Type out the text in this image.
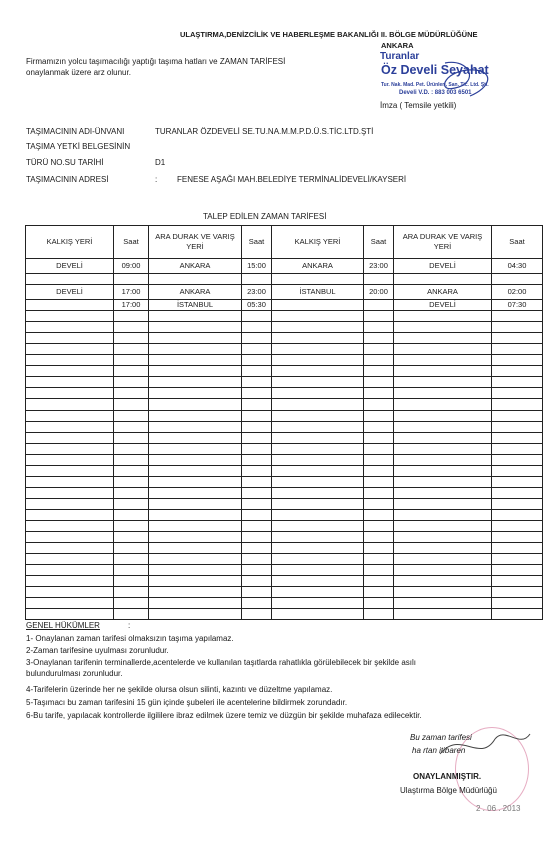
ULAŞTIRMA,DENİZCİLİK VE HABERLEŞME BAKANLIĞI II. BÖLGE MÜDÜRLÜĞÜNE
ANKARA
Firmamızın yolcu taşımacılığı yaptığı taşıma hatları ve ZAMAN TARİFESİ
onaylanmak üzere arz olunur.
Turanlar
Öz Develi Seyahat
Tur. Nak. Mad. Pet. Ürünleri, San. Tic. Ltd. Şti.
Develi V.D. : 883 003 6501
İmza ( Temsile yetkili)
TAŞIMACININ ADI-ÜNVANI	TURANLAR ÖZDEVELİ SE.TU.NA.M.M.P.D.Ü.S.TİC.LTD.ŞTİ
TAŞIMA YETKİ BELGESİNİN
TÜRÜ NO.SU TARİHİ	D1
TAŞIMACININ ADRESİ	: FENESE AŞAĞI MAH.BELEDİYE TERMİNALİDEVELİ/KAYSERİ
TALEP EDİLEN ZAMAN TARİFESİ
KALKIŞ YERİ	Saat	ARA DURAK VE VARIŞ YERİ	Saat	KALKIŞ YERİ	Saat	ARA DURAK VE VARIŞ YERİ	Saat
DEVELİ	09:00	ANKARA	15:00	ANKARA	23:00	DEVELİ	04:30

DEVELİ	17:00	ANKARA	23:00	İSTANBUL	20:00	ANKARA	02:00
	17:00	İSTANBUL	05:30			DEVELİ	07:30

GENEL HÜKÜMLER	:
1- Onaylanan zaman tarifesi olmaksızın taşıma yapılamaz.
2-Zaman tarifesine uyulması zorunludur.
3-Onaylanan tarifenin terminallerde,acentelerde ve kullanılan taşıtlarda rahatlıkla görülebilecek bir şekilde asılı
bulundurulması zorunludur.
4-Tarifelerin üzerinde her ne şekilde olursa olsun silinti, kazıntı ve düzeltme yapılamaz.
5-Taşımacı bu zaman tarifesini 15 gün içinde şubeleri ile acentelerine bildirmek zorundadır.
6-Bu tarife, yapılacak kontrollerde ilgililere ibraz edilmek üzere temiz ve düzgün bir şekilde muhafaza edilecektir.
Bu zaman tarifesi
ha rtan itibaren
ONAYLANMIŞTIR.
Ulaştırma Bölge Müdürlüğü
2 . 06 . 2013
